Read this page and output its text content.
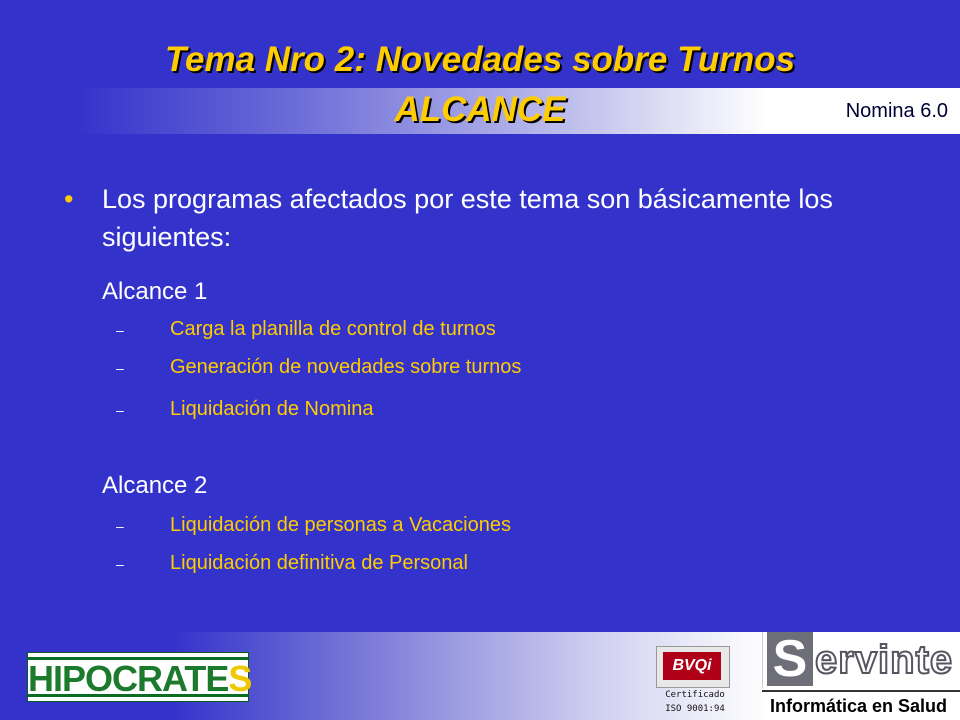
Tema Nro 2: Novedades sobre Turnos
ALCANCE	Nomina 6.0
• Los programas afectados por este tema son básicamente los siguientes:
Alcance 1
– Carga la planilla de control de turnos
– Generación de novedades sobre turnos
– Liquidación de Nomina
Alcance 2
– Liquidación de personas a Vacaciones
– Liquidación definitiva de Personal
HIPOCRATES	BVQi
Certificado
ISO 9001:94
S ervinte
Informática en Salud
